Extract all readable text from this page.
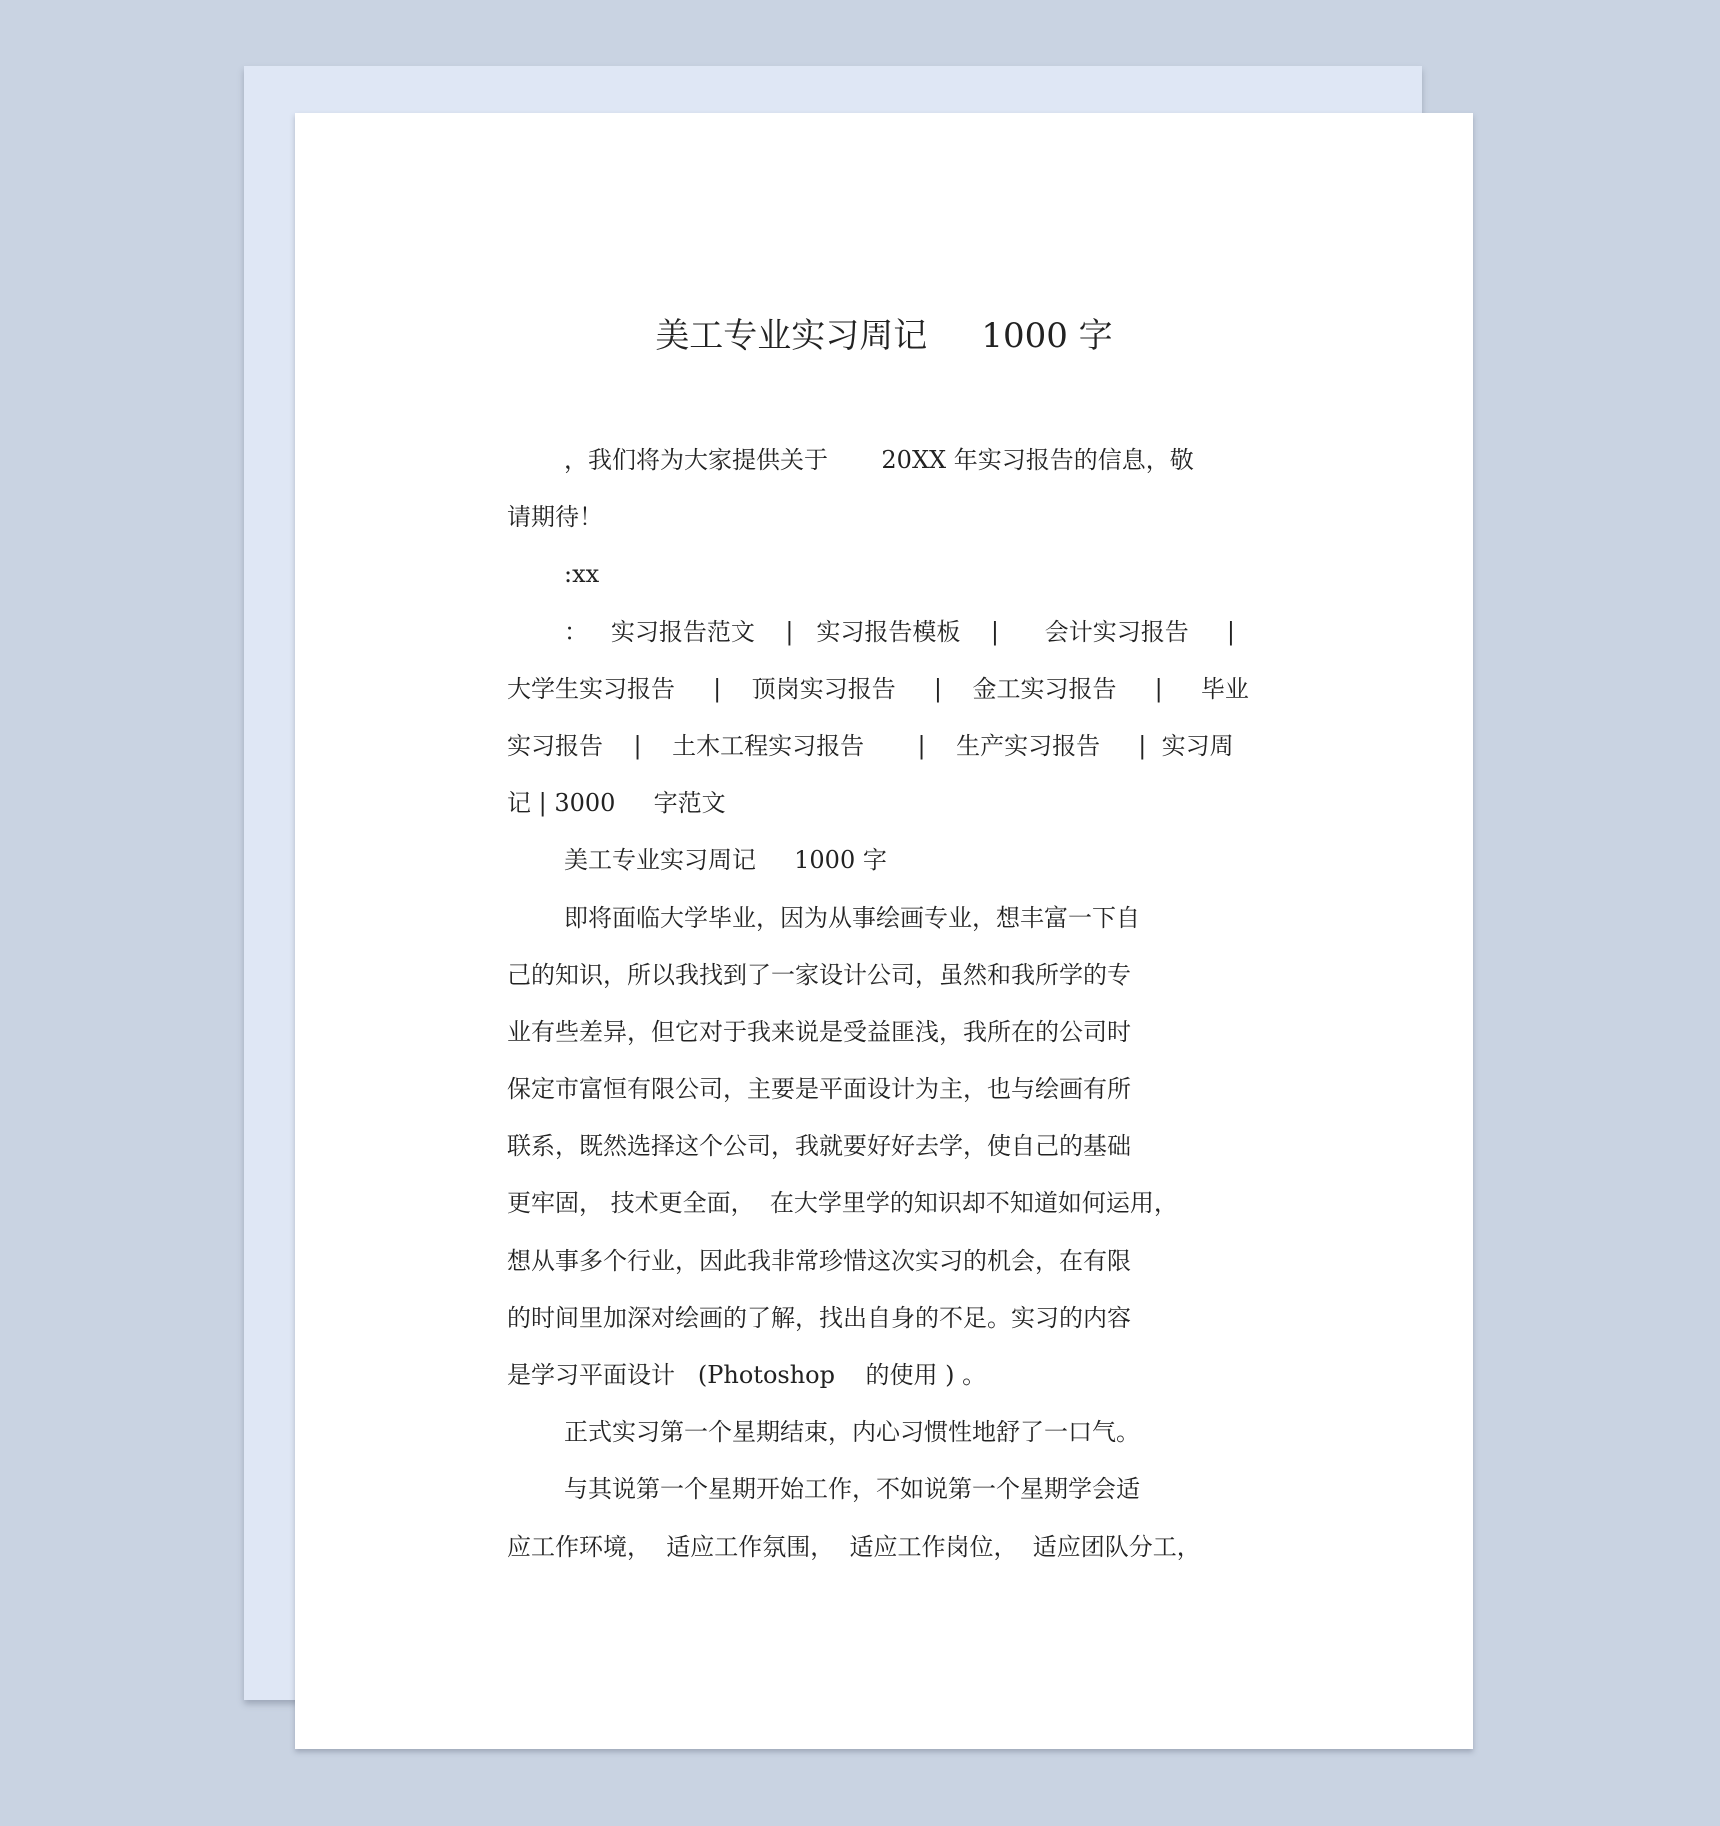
美工专业实习周记     1000 字

，我们将为大家提供关于       20XX 年实习报告的信息，敬

请期待！

:xx

：   实习报告范文    |   实习报告模板    |      会计实习报告     |

大学生实习报告     |    顶岗实习报告     |    金工实习报告     |     毕业

实习报告    |    土木工程实习报告       |    生产实习报告     |  实习周

记 | 3000     字范文

美工专业实习周记     1000 字

即将面临大学毕业，因为从事绘画专业，想丰富一下自

己的知识，所以我找到了一家设计公司，虽然和我所学的专

业有些差异，但它对于我来说是受益匪浅，我所在的公司时

保定市富恒有限公司，主要是平面设计为主，也与绘画有所

联系，既然选择这个公司，我就要好好去学，使自己的基础

更牢固， 技术更全面，  在大学里学的知识却不知道如何运用，

想从事多个行业，因此我非常珍惜这次实习的机会，在有限

的时间里加深对绘画的了解，找出自身的不足。实习的内容

是学习平面设计   (Photoshop    的使用 ) 。

正式实习第一个星期结束，内心习惯性地舒了一口气。

与其说第一个星期开始工作，不如说第一个星期学会适

应工作环境，  适应工作氛围，  适应工作岗位，  适应团队分工，
